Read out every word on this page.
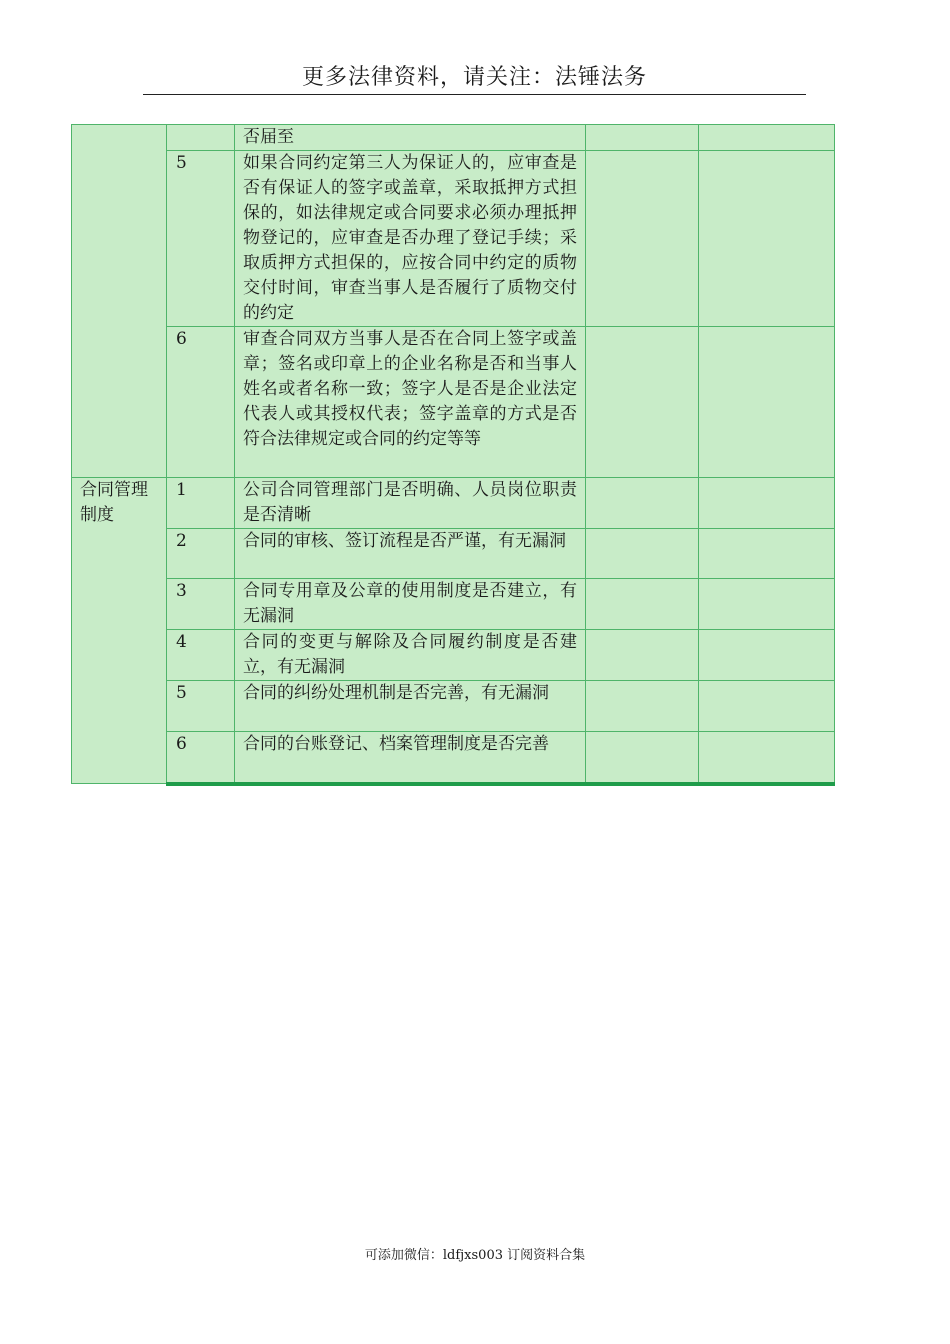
更多法律资料，请关注：法锤法务
		否届至		
	5	如果合同约定第三人为保证人的，应审查是否有保证人的签字或盖章，采取抵押方式担保的，如法律规定或合同要求必须办理抵押物登记的，应审查是否办理了登记手续；采取质押方式担保的，应按合同中约定的质物交付时间，审查当事人是否履行了质物交付的约定		
	6	审查合同双方当事人是否在合同上签字或盖章；签名或印章上的企业名称是否和当事人姓名或者名称一致；签字人是否是企业法定代表人或其授权代表；签字盖章的方式是否符合法律规定或合同的约定等等		
合同管理制度	1	公司合同管理部门是否明确、人员岗位职责是否清晰		
	2	合同的审核、签订流程是否严谨，有无漏洞		
	3	合同专用章及公章的使用制度是否建立，有无漏洞		
	4	合同的变更与解除及合同履约制度是否建立，有无漏洞		
	5	合同的纠纷处理机制是否完善，有无漏洞		
	6	合同的台账登记、档案管理制度是否完善		
可添加微信：ldfjxs003 订阅资料合集
